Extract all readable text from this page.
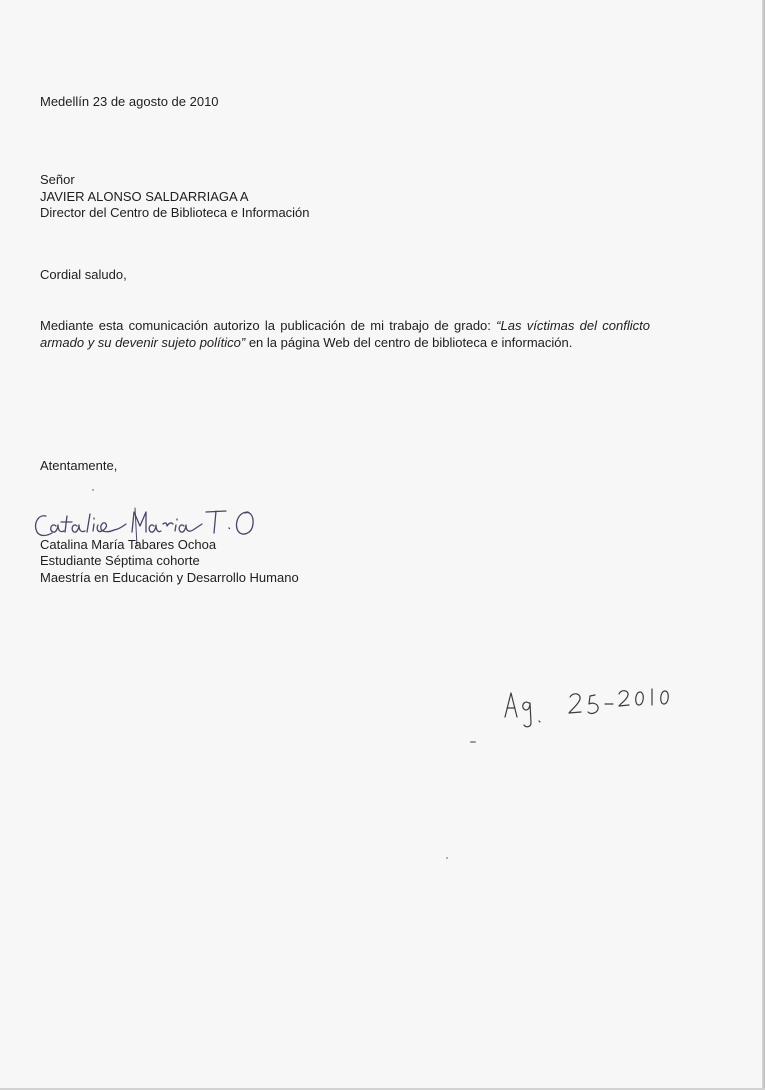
Medellín 23 de agosto de 2010
Señor
JAVIER ALONSO SALDARRIAGA A
Director del Centro de Biblioteca e Información
Cordial saludo,
Mediante esta comunicación autorizo la publicación de mi trabajo de grado: “Las víctimas del conflicto armado y su devenir sujeto político” en la página Web del centro de biblioteca e información.
Atentamente,
Catalina María Tabares Ochoa
Estudiante Séptima cohorte
Maestría en Educación y Desarrollo Humano
